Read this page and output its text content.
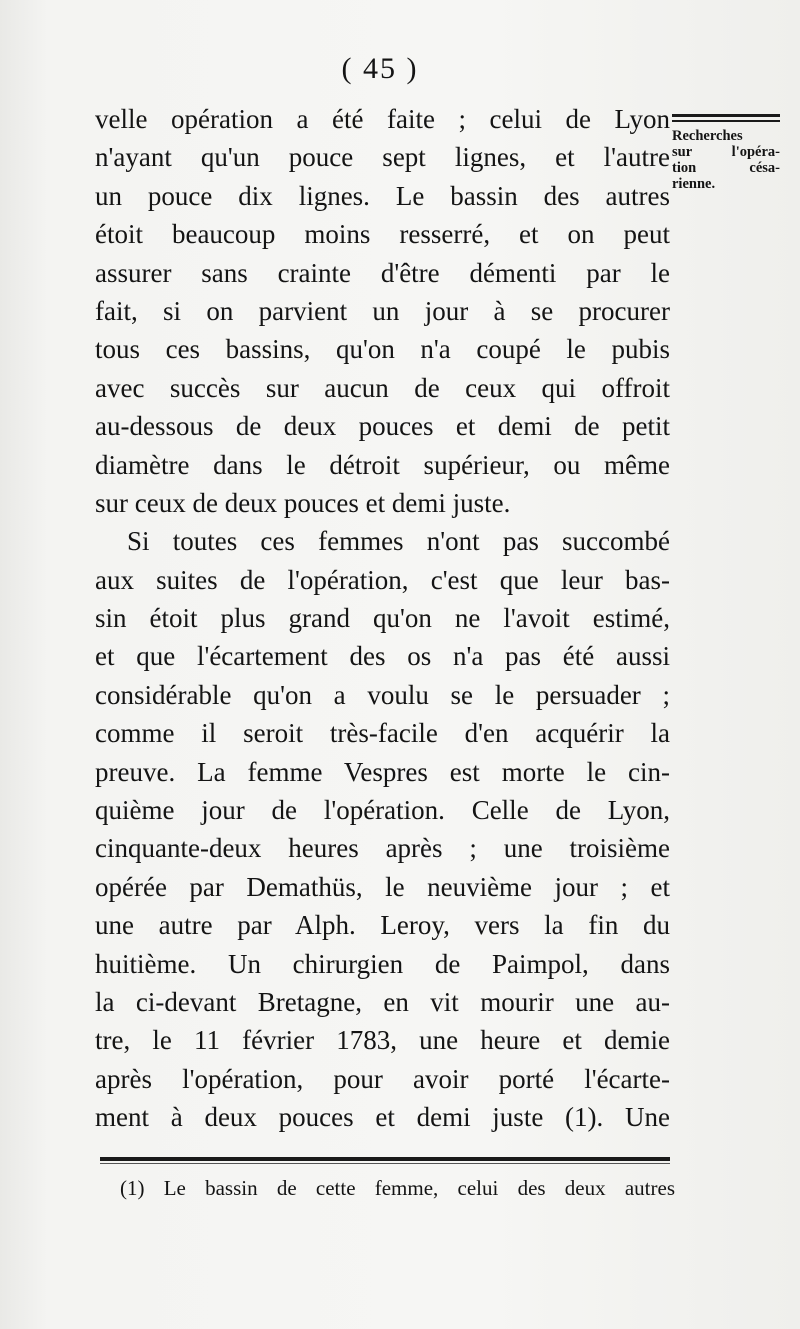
( 45 )
Recherches
sur l'opéra-
tion césa-
rienne.
velle opération a été faite ; celui de Lyon
n'ayant qu'un pouce sept lignes, et l'autre
un pouce dix lignes. Le bassin des autres
étoit beaucoup moins resserré, et on peut
assurer sans crainte d'être démenti par le
fait, si on parvient un jour à se procurer
tous ces bassins, qu'on n'a coupé le pubis
avec succès sur aucun de ceux qui offroit
au-dessous de deux pouces et demi de petit
diamètre dans le détroit supérieur, ou même
sur ceux de deux pouces et demi juste.
Si toutes ces femmes n'ont pas succombé
aux suites de l'opération, c'est que leur bas-
sin étoit plus grand qu'on ne l'avoit estimé,
et que l'écartement des os n'a pas été aussi
considérable qu'on a voulu se le persuader ;
comme il seroit très-facile d'en acquérir la
preuve. La femme Vespres est morte le cin-
quième jour de l'opération. Celle de Lyon,
cinquante-deux heures après ; une troisième
opérée par Demathüs, le neuvième jour ; et
une autre par Alph. Leroy, vers la fin du
huitième. Un chirurgien de Paimpol, dans
la ci-devant Bretagne, en vit mourir une au-
tre, le 11 février 1783, une heure et demie
après l'opération, pour avoir porté l'écarte-
ment à deux pouces et demi juste (1). Une
(1) Le bassin de cette femme, celui des deux autres
